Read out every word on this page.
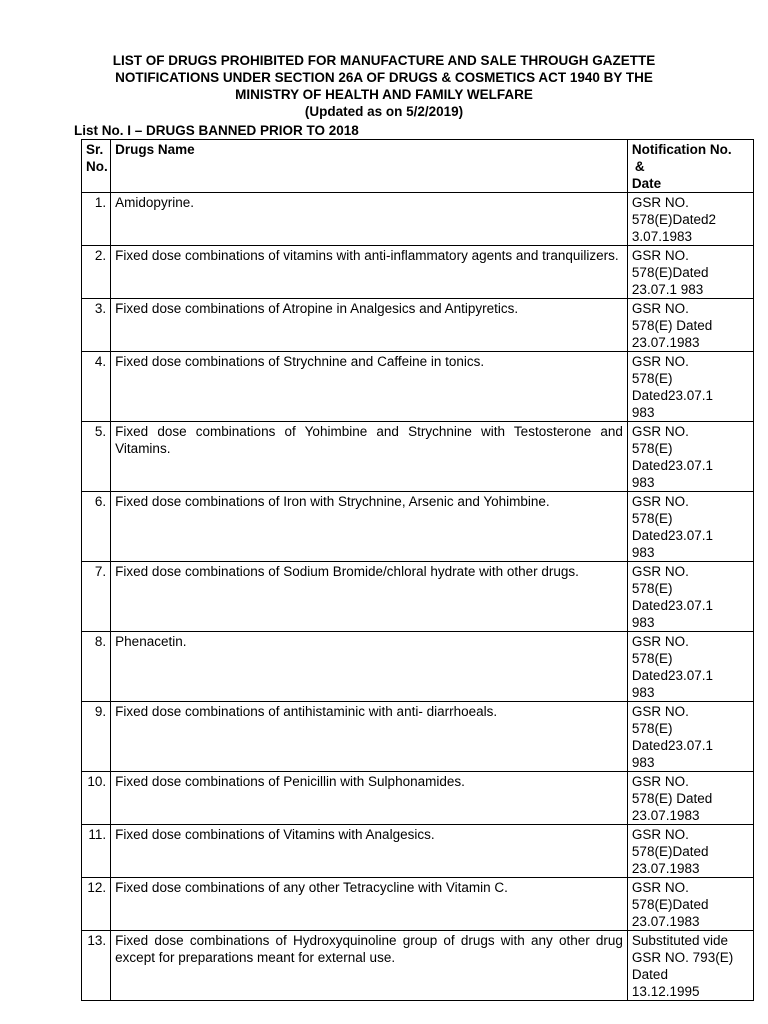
LIST OF DRUGS PROHIBITED FOR MANUFACTURE AND SALE THROUGH GAZETTE
NOTIFICATIONS UNDER SECTION 26A OF DRUGS & COSMETICS ACT 1940 BY THE
MINISTRY OF HEALTH AND FAMILY WELFARE
(Updated as on 5/2/2019)
List No. I – DRUGS BANNED PRIOR TO 2018
Sr. No.	Drugs Name	Notification No.
&
Date

1.	Amidopyrine.	GSR NO.
578(E)Dated2
3.07.1983

2.	Fixed dose combinations of vitamins with anti-inflammatory agents and tranquilizers.	GSR NO.
578(E)Dated
23.07.1 983

3.	Fixed dose combinations of Atropine in Analgesics and Antipyretics.	GSR NO.
578(E) Dated
23.07.1983

4.	Fixed dose combinations of Strychnine and Caffeine in tonics.	GSR NO.
578(E)
Dated23.07.1
983

5.	Fixed dose combinations of Yohimbine and Strychnine with Testosterone and Vitamins.	GSR NO.
578(E)
Dated23.07.1
983

6.	Fixed dose combinations of Iron with Strychnine, Arsenic and Yohimbine.	GSR NO.
578(E)
Dated23.07.1
983

7.	Fixed dose combinations of Sodium Bromide/chloral hydrate with other drugs.	GSR NO.
578(E)
Dated23.07.1
983

8.	Phenacetin.	GSR NO.
578(E)
Dated23.07.1
983

9.	Fixed dose combinations of antihistaminic with anti- diarrhoeals.	GSR NO.
578(E)
Dated23.07.1
983

10.	Fixed dose combinations of Penicillin with Sulphonamides.	GSR NO.
578(E) Dated
23.07.1983

11.	Fixed dose combinations of Vitamins with Analgesics.	GSR NO.
578(E)Dated
23.07.1983

12.	Fixed dose combinations of any other Tetracycline with Vitamin C.	GSR NO.
578(E)Dated
23.07.1983

13.	Fixed dose combinations of Hydroxyquinoline group of drugs with any other drug except for preparations meant for external use.	Substituted vide
GSR NO. 793(E)
Dated
13.12.1995
